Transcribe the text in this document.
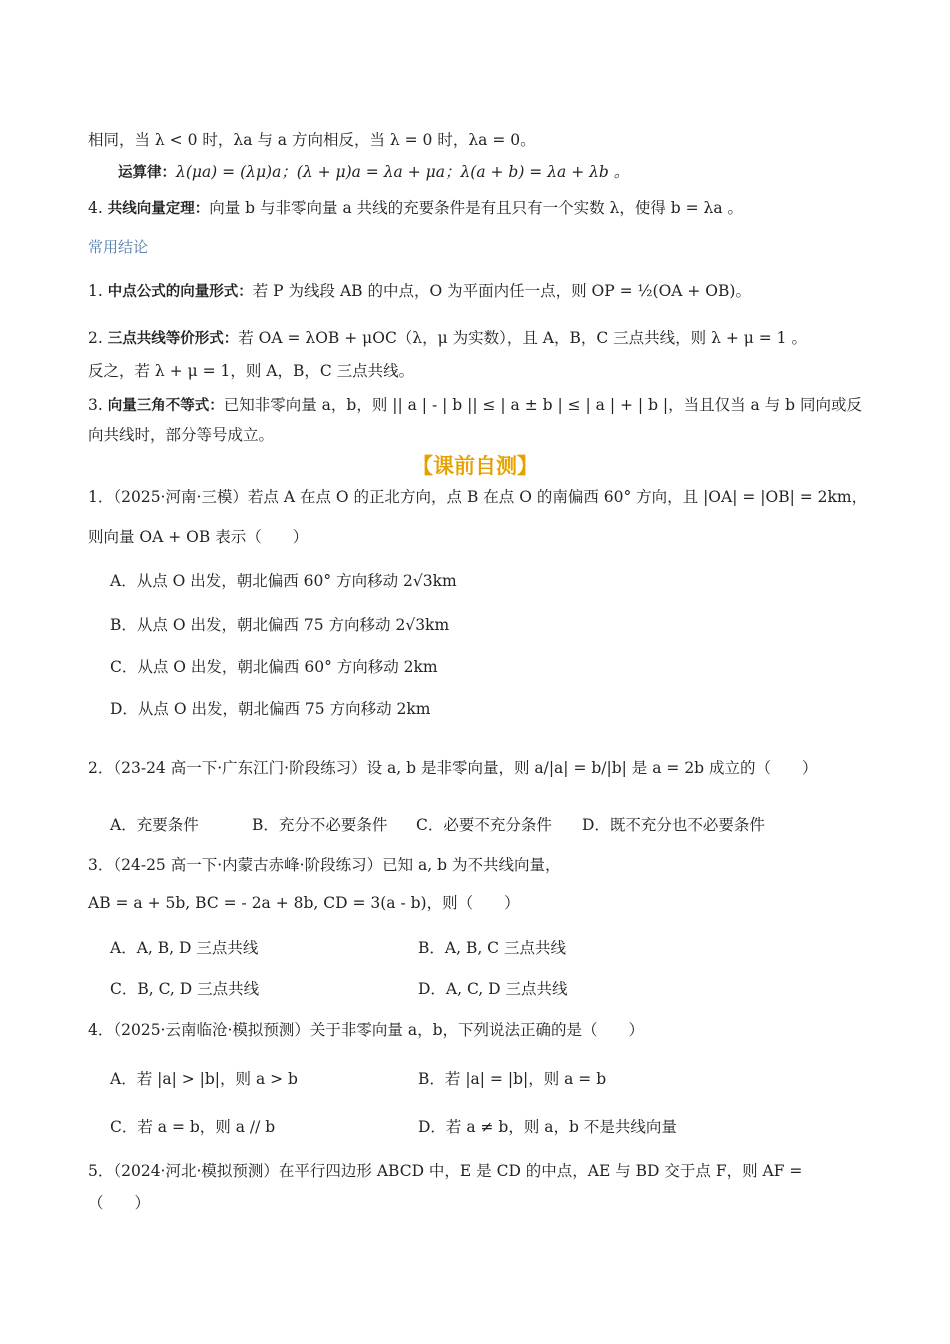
相同，当 λ < 0 时，λa 与 a 方向相反，当 λ = 0 时，λa = 0。
运算律：λ(μa) = (λμ)a；(λ + μ)a = λa + μa；λ(a + b) = λa + λb 。
4. 共线向量定理：向量 b 与非零向量 a 共线的充要条件是有且只有一个实数 λ，使得 b = λa 。
常用结论
1. 中点公式的向量形式：若 P 为线段 AB 的中点，O 为平面内任一点，则 OP = ½(OA + OB)。
2. 三点共线等价形式：若 OA = λOB + μOC（λ，μ 为实数），且 A，B，C 三点共线，则 λ + μ = 1 。
反之，若 λ + μ = 1，则 A，B，C 三点共线。
3. 向量三角不等式：已知非零向量 a，b，则 || a | - | b || ≤ | a ± b | ≤ | a | + | b |，当且仅当 a 与 b 同向或反
向共线时，部分等号成立。
【课前自测】
1．（2025·河南·三模）若点 A 在点 O 的正北方向，点 B 在点 O 的南偏西 60° 方向，且 |OA| = |OB| = 2km，
则向量 OA + OB 表示（　　）
A．从点 O 出发，朝北偏西 60° 方向移动 2√3km
B．从点 O 出发，朝北偏西 75 方向移动 2√3km
C．从点 O 出发，朝北偏西 60° 方向移动 2km
D．从点 O 出发，朝北偏西 75 方向移动 2km
2．（23-24 高一下·广东江门·阶段练习）设 a, b 是非零向量，则 a/|a| = b/|b| 是 a = 2b 成立的（　　）
A．充要条件	B．充分不必要条件	C．必要不充分条件	D．既不充分也不必要条件
3．（24-25 高一下·内蒙古赤峰·阶段练习）已知 a, b 为不共线向量，
AB = a + 5b, BC = - 2a + 8b, CD = 3(a - b)，则（　　）
A．A, B, D 三点共线	B．A, B, C 三点共线
C．B, C, D 三点共线	D．A, C, D 三点共线
4．（2025·云南临沧·模拟预测）关于非零向量 a，b，下列说法正确的是（　　）
A．若 |a| > |b|，则 a > b	B．若 |a| = |b|，则 a = b
C．若 a = b，则 a // b	D．若 a ≠ b，则 a，b 不是共线向量
5．（2024·河北·模拟预测）在平行四边形 ABCD 中，E 是 CD 的中点，AE 与 BD 交于点 F，则 AF =
（　　）
